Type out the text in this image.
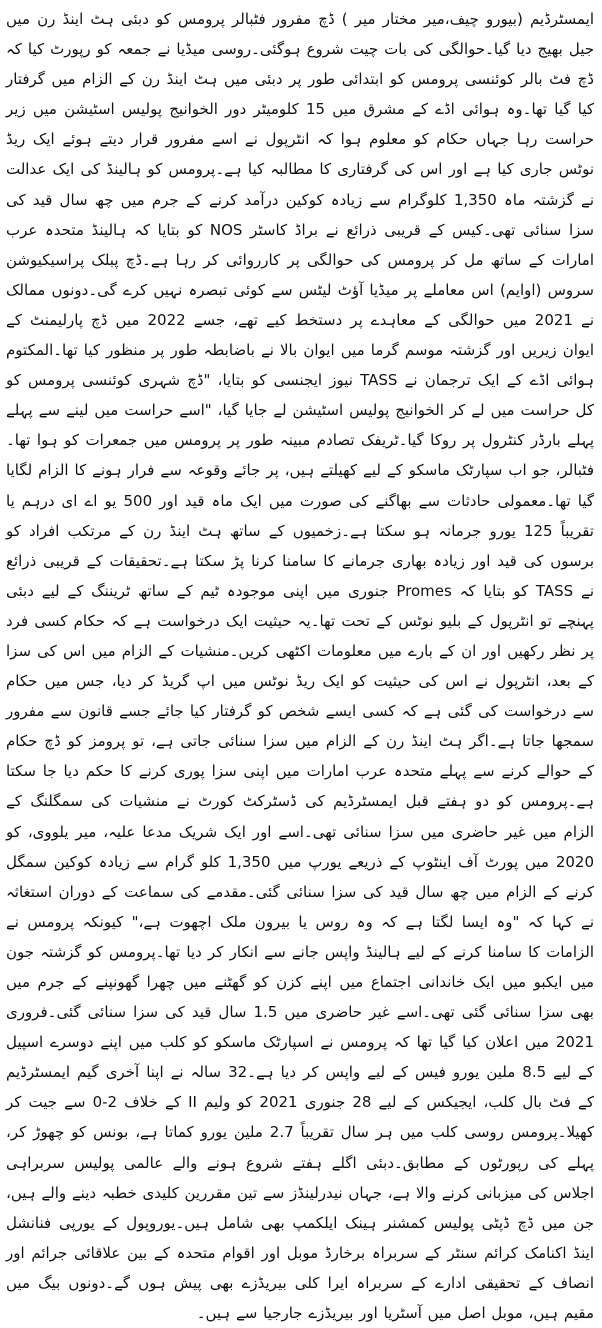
ایمسٹرڈیم (بیورو چیف،میر مختار میر ) ڈچ مفرور فٹبالر پرومس کو دبئی ہٹ اینڈ رن میں جیل بھیج دیا گیا۔حوالگی کی بات چیت شروع ہوگئی۔روسی میڈیا نے جمعہ کو رپورٹ کیا کہ ڈچ فٹ بالر کوئنسی پرومس کو ابتدائی طور پر دبئی میں ہٹ اینڈ رن کے الزام میں گرفتار کیا گیا تھا۔وہ ہوائی اڈے کے مشرق میں 15 کلومیٹر دور الخوانیج پولیس اسٹیشن میں زیر حراست رہا جہاں حکام کو معلوم ہوا کہ انٹرپول نے اسے مفرور قرار دیتے ہوئے ایک ریڈ نوٹس جاری کیا ہے اور اس کی گرفتاری کا مطالبہ کیا ہے۔پرومس کو ہالینڈ کی ایک عدالت نے گزشتہ ماہ 1,350 کلوگرام سے زیادہ کوکین درآمد کرنے کے جرم میں چھ سال قید کی سزا سنائی تھی۔کیس کے قریبی ذرائع نے براڈ کاسٹر NOS کو بتایا کہ ہالینڈ متحدہ عرب امارات کے ساتھ مل کر پرومس کی حوالگی پر کارروائی کر رہا ہے۔ڈچ پبلک پراسیکیوشن سروس (اوایم) اس معاملے پر میڈیا آؤٹ لیٹس سے کوئی تبصرہ نہیں کرے گی۔دونوں ممالک نے 2021 میں حوالگی کے معاہدے پر دستخط کیے تھے، جسے 2022 میں ڈچ پارلیمنٹ کے ایوان زیریں اور گزشتہ موسم گرما میں ایوان بالا نے باضابطہ طور پر منظور کیا تھا۔المکتوم ہوائی اڈے کے ایک ترجمان نے TASS نیوز ایجنسی کو بتایا، "ڈچ شہری کوئنسی پرومس کو کل حراست میں لے کر الخوانیج پولیس اسٹیشن لے جایا گیا، "اسے حراست میں لینے سے پہلے پہلے بارڈر کنٹرول پر روکا گیا۔ٹریفک تصادم مبینہ طور پر پرومس میں جمعرات کو ہوا تھا۔فٹبالر، جو اب سپارٹک ماسکو کے لیے کھیلتے ہیں، پر جائے وقوعہ سے فرار ہونے کا الزام لگایا گیا تھا۔معمولی حادثات سے بھاگنے کی صورت میں ایک ماہ قید اور 500 یو اے ای درہم یا تقریباً 125 یورو جرمانہ ہو سکتا ہے۔زخمیوں کے ساتھ ہٹ اینڈ رن کے مرتکب افراد کو برسوں کی قید اور زیادہ بھاری جرمانے کا سامنا کرنا پڑ سکتا ہے۔تحقیقات کے قریبی ذرائع نے TASS کو بتایا کہ Promes جنوری میں اپنی موجودہ ٹیم کے ساتھ ٹریننگ کے لیے دبئی پہنچے تو انٹرپول کے بلیو نوٹس کے تحت تھا۔یہ حیثیت ایک درخواست ہے کہ حکام کسی فرد پر نظر رکھیں اور ان کے بارے میں معلومات اکٹھی کریں۔منشیات کے الزام میں اس کی سزا کے بعد، انٹرپول نے اس کی حیثیت کو ایک ریڈ نوٹس میں اپ گریڈ کر دیا، جس میں حکام سے درخواست کی گئی ہے کہ کسی ایسے شخص کو گرفتار کیا جائے جسے قانون سے مفرور سمجھا جاتا ہے۔اگر ہٹ اینڈ رن کے الزام میں سزا سنائی جاتی ہے، تو پرومز کو ڈچ حکام کے حوالے کرنے سے پہلے متحدہ عرب امارات میں اپنی سزا پوری کرنے کا حکم دیا جا سکتا ہے۔پرومس کو دو ہفتے قبل ایمسٹرڈیم کی ڈسٹرکٹ کورٹ نے منشیات کی سمگلنگ کے الزام میں غیر حاضری میں سزا سنائی تھی۔اسے اور ایک شریک مدعا علیہ، میر یلووی، کو 2020 میں پورٹ آف اینٹوپ کے ذریعے یورپ میں 1,350 کلو گرام سے زیادہ کوکین سمگل کرنے کے الزام میں چھ سال قید کی سزا سنائی گئی۔مقدمے کی سماعت کے دوران استغاثہ نے کہا کہ "وہ ایسا لگتا ہے کہ وہ روس یا بیرون ملک اچھوت ہے،" کیونکہ پرومس نے الزامات کا سامنا کرنے کے لیے ہالینڈ واپس جانے سے انکار کر دیا تھا۔پرومس کو گزشتہ جون میں ایکبو میں ایک خاندانی اجتماع میں اپنے کزن کو گھٹنے میں چھرا گھونپنے کے جرم میں بھی سزا سنائی گئی تھی۔اسے غیر حاضری میں 1.5 سال قید کی سزا سنائی گئی۔فروری 2021 میں اعلان کیا گیا تھا کہ پرومس نے اسپارٹک ماسکو کو کلب میں اپنے دوسرے اسپیل کے لیے 8.5 ملین یورو فیس کے لیے واپس کر دیا ہے۔32 سالہ نے اپنا آخری گیم ایمسٹرڈیم کے فٹ بال کلب، ایجیکس کے لیے 28 جنوری 2021 کو ولیم II کے خلاف 2-0 سے جیت کر کھیلا۔پرومس روسی کلب میں ہر سال تقریباً 2.7 ملین یورو کماتا ہے، بونس کو چھوڑ کر، پہلے کی رپورٹوں کے مطابق۔دبئی اگلے ہفتے شروع ہونے والے عالمی پولیس سربراہی اجلاس کی میزبانی کرنے والا ہے، جہاں نیدرلینڈز سے تین مقررین کلیدی خطبہ دینے والے ہیں، جن میں ڈچ ڈپٹی پولیس کمشنر ہینک ایلکمپ بھی شامل ہیں۔یوروپول کے یورپی فنانشل اینڈ اکنامک کرائم سنٹر کے سربراہ برخارڈ موبل اور اقوام متحدہ کے بین علاقائی جرائم اور انصاف کے تحقیقی ادارے کے سربراہ ایرا کلی بیریڈزے بھی پیش ہوں گے۔دونوں بیگ میں مقیم ہیں، موبل اصل میں آسٹریا اور بیریڈزے جارجیا سے ہیں۔
